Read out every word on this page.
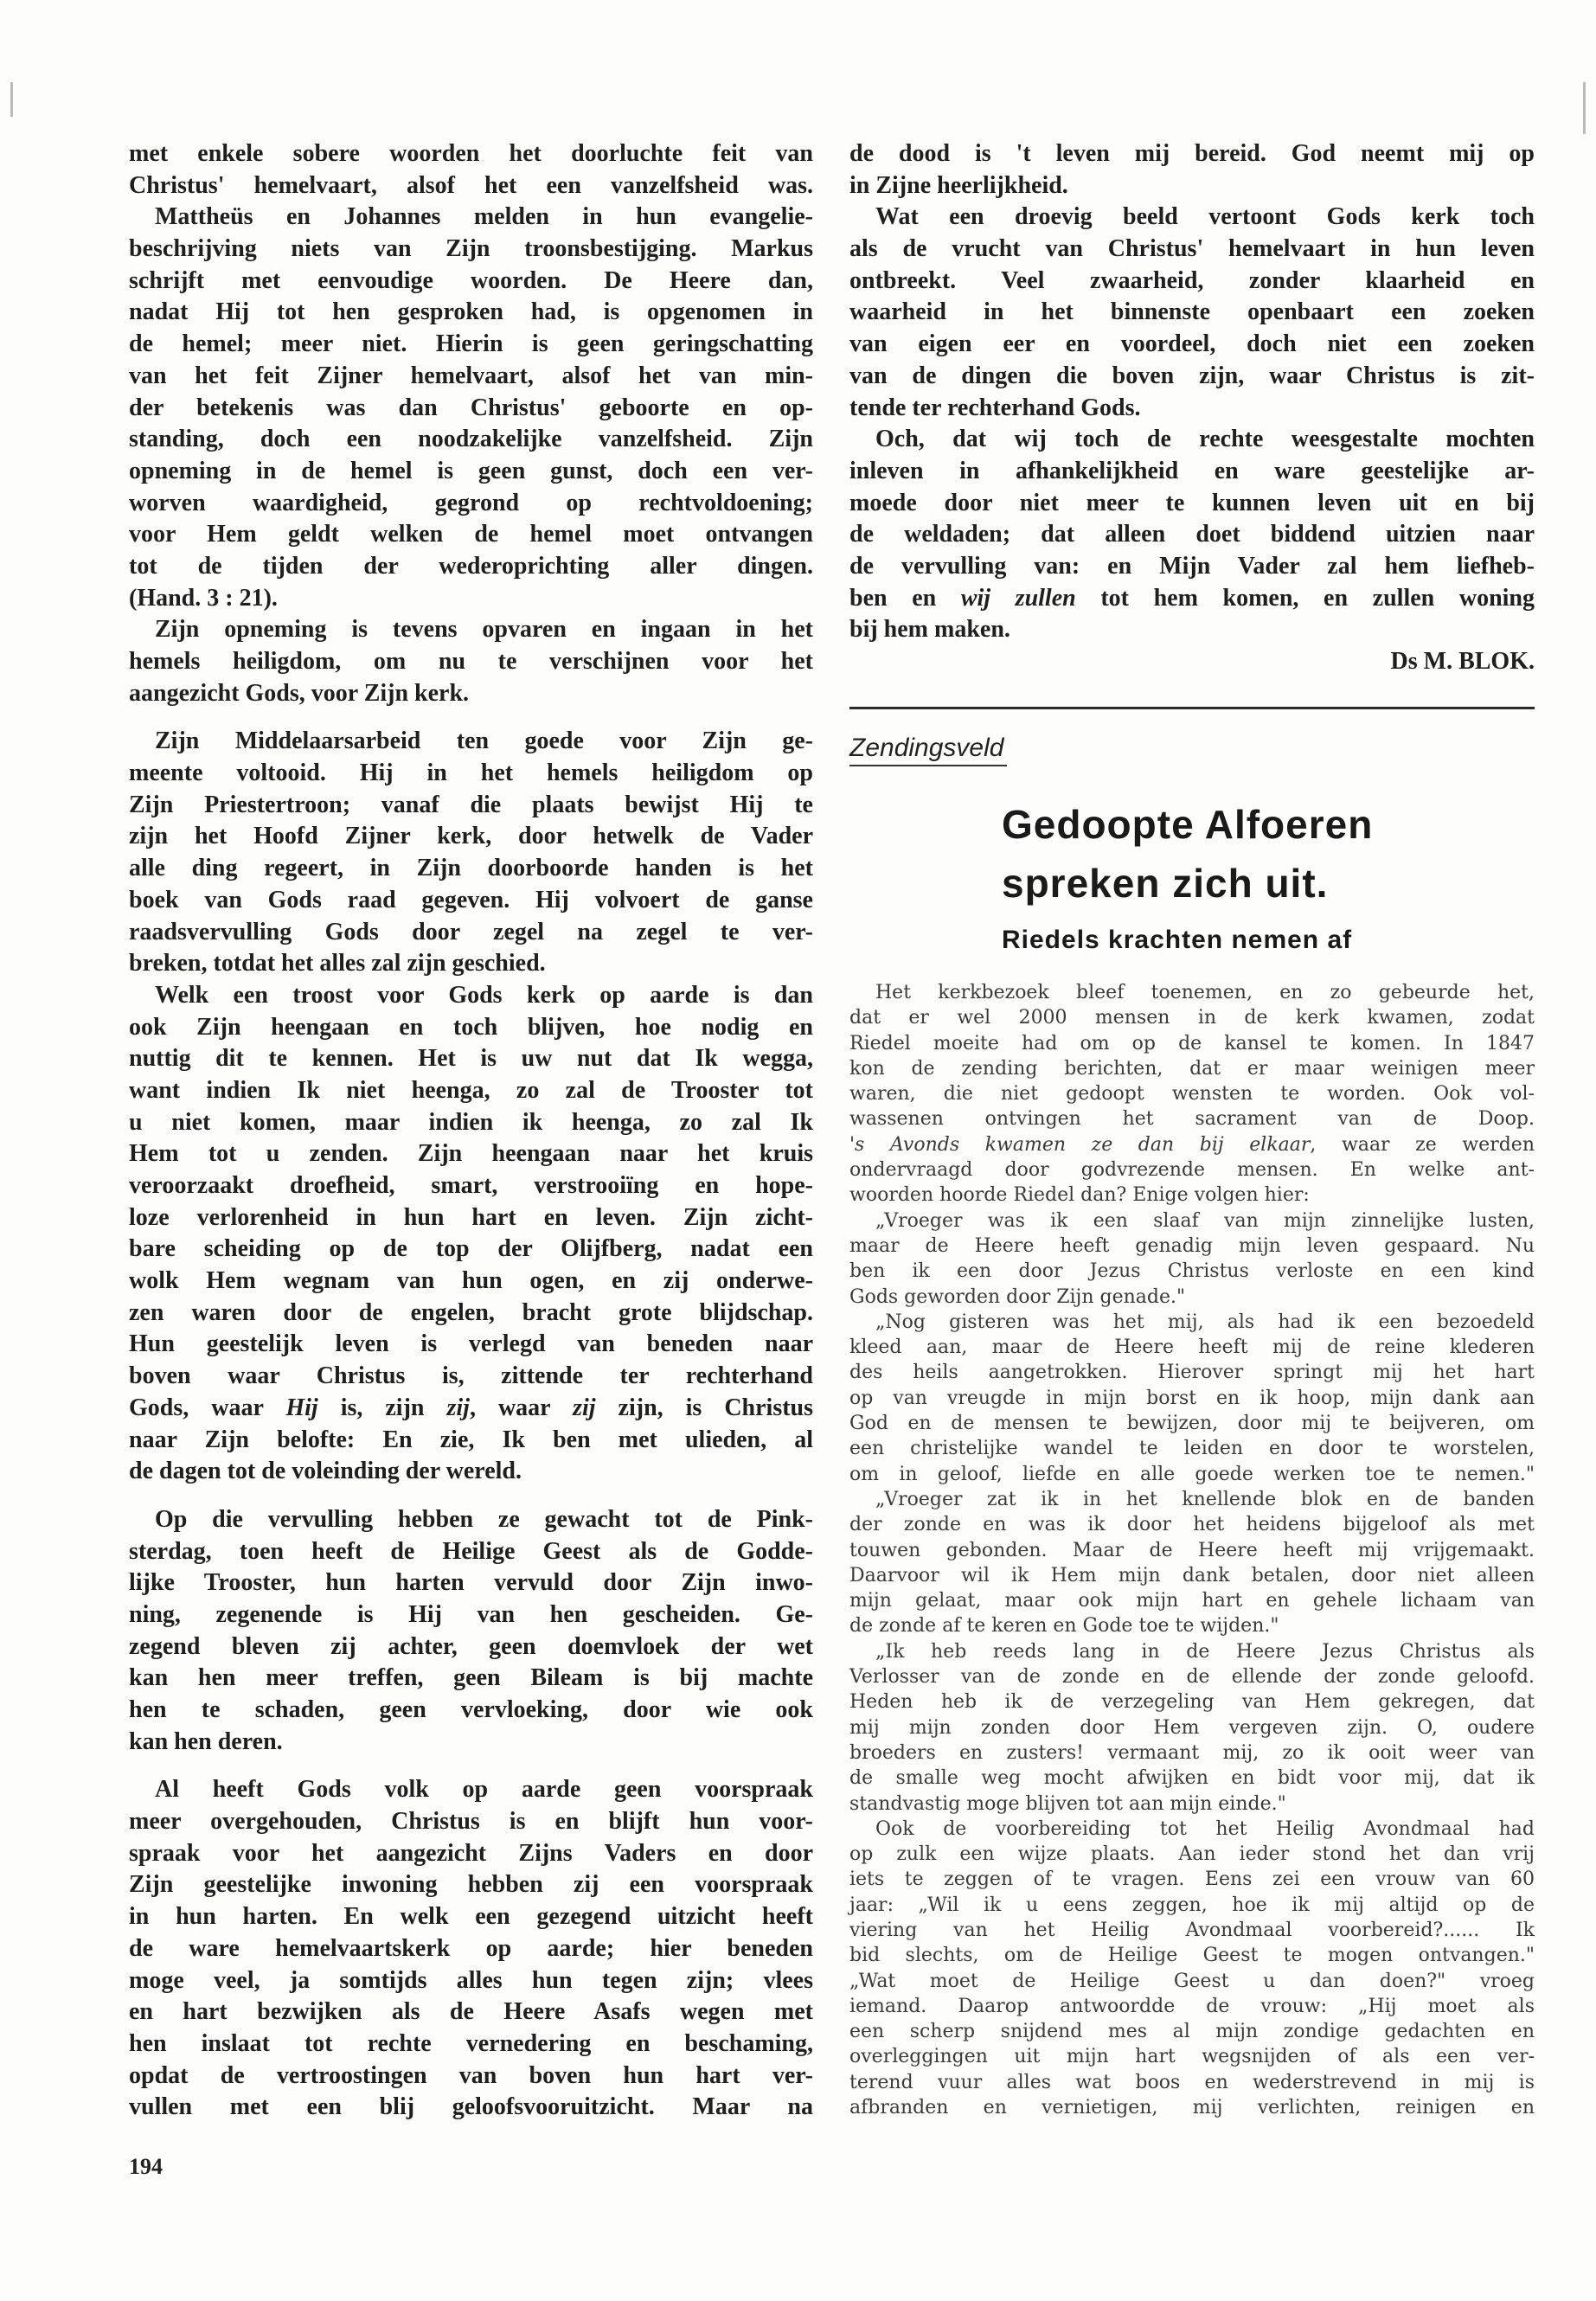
met enkele sobere woorden het doorluchte feit van
Christus' hemelvaart, alsof het een vanzelfsheid was.
Mattheüs en Johannes melden in hun evangelie-
beschrijving niets van Zijn troonsbestijging. Markus
schrijft met eenvoudige woorden. De Heere dan,
nadat Hij tot hen gesproken had, is opgenomen in
de hemel; meer niet. Hierin is geen geringschatting
van het feit Zijner hemelvaart, alsof het van min-
der betekenis was dan Christus' geboorte en op-
standing, doch een noodzakelijke vanzelfsheid. Zijn
opneming in de hemel is geen gunst, doch een ver-
worven waardigheid, gegrond op rechtvoldoening;
voor Hem geldt welken de hemel moet ontvangen
tot de tijden der wederoprichting aller dingen.
(Hand. 3 : 21).
Zijn opneming is tevens opvaren en ingaan in het
hemels heiligdom, om nu te verschijnen voor het
aangezicht Gods, voor Zijn kerk.
Zijn Middelaarsarbeid ten goede voor Zijn ge-
meente voltooid. Hij in het hemels heiligdom op
Zijn Priestertroon; vanaf die plaats bewijst Hij te
zijn het Hoofd Zijner kerk, door hetwelk de Vader
alle ding regeert, in Zijn doorboorde handen is het
boek van Gods raad gegeven. Hij volvoert de ganse
raadsvervulling Gods door zegel na zegel te ver-
breken, totdat het alles zal zijn geschied.
Welk een troost voor Gods kerk op aarde is dan
ook Zijn heengaan en toch blijven, hoe nodig en
nuttig dit te kennen. Het is uw nut dat Ik wegga,
want indien Ik niet heenga, zo zal de Trooster tot
u niet komen, maar indien ik heenga, zo zal Ik
Hem tot u zenden. Zijn heengaan naar het kruis
veroorzaakt droefheid, smart, verstrooiïng en hope-
loze verlorenheid in hun hart en leven. Zijn zicht-
bare scheiding op de top der Olijfberg, nadat een
wolk Hem wegnam van hun ogen, en zij onderwe-
zen waren door de engelen, bracht grote blijdschap.
Hun geestelijk leven is verlegd van beneden naar
boven waar Christus is, zittende ter rechterhand
Gods, waar Hij is, zijn zij, waar zij zijn, is Christus
naar Zijn belofte: En zie, Ik ben met ulieden, al
de dagen tot de voleinding der wereld.
Op die vervulling hebben ze gewacht tot de Pink-
sterdag, toen heeft de Heilige Geest als de Godde-
lijke Trooster, hun harten vervuld door Zijn inwo-
ning, zegenende is Hij van hen gescheiden. Ge-
zegend bleven zij achter, geen doemvloek der wet
kan hen meer treffen, geen Bileam is bij machte
hen te schaden, geen vervloeking, door wie ook
kan hen deren.
Al heeft Gods volk op aarde geen voorspraak
meer overgehouden, Christus is en blijft hun voor-
spraak voor het aangezicht Zijns Vaders en door
Zijn geestelijke inwoning hebben zij een voorspraak
in hun harten. En welk een gezegend uitzicht heeft
de ware hemelvaartskerk op aarde; hier beneden
moge veel, ja somtijds alles hun tegen zijn; vlees
en hart bezwijken als de Heere Asafs wegen met
hen inslaat tot rechte vernedering en beschaming,
opdat de vertroostingen van boven hun hart ver-
vullen met een blij geloofsvooruitzicht. Maar na
de dood is 't leven mij bereid. God neemt mij op
in Zijne heerlijkheid.
Wat een droevig beeld vertoont Gods kerk toch
als de vrucht van Christus' hemelvaart in hun leven
ontbreekt. Veel zwaarheid, zonder klaarheid en
waarheid in het binnenste openbaart een zoeken
van eigen eer en voordeel, doch niet een zoeken
van de dingen die boven zijn, waar Christus is zit-
tende ter rechterhand Gods.
Och, dat wij toch de rechte weesgestalte mochten
inleven in afhankelijkheid en ware geestelijke ar-
moede door niet meer te kunnen leven uit en bij
de weldaden; dat alleen doet biddend uitzien naar
de vervulling van: en Mijn Vader zal hem liefheb-
ben en wij zullen tot hem komen, en zullen woning
bij hem maken.
Ds M. BLOK.
Zendingsveld
Gedoopte Alfoeren
spreken zich uit.
Riedels krachten nemen af
Het kerkbezoek bleef toenemen, en zo gebeurde het,
dat er wel 2000 mensen in de kerk kwamen, zodat
Riedel moeite had om op de kansel te komen. In 1847
kon de zending berichten, dat er maar weinigen meer
waren, die niet gedoopt wensten te worden. Ook vol-
wassenen ontvingen het sacrament van de Doop.
's Avonds kwamen ze dan bij elkaar, waar ze werden
ondervraagd door godvrezende mensen. En welke ant-
woorden hoorde Riedel dan? Enige volgen hier:
„Vroeger was ik een slaaf van mijn zinnelijke lusten,
maar de Heere heeft genadig mijn leven gespaard. Nu
ben ik een door Jezus Christus verloste en een kind
Gods geworden door Zijn genade."
„Nog gisteren was het mij, als had ik een bezoedeld
kleed aan, maar de Heere heeft mij de reine klederen
des heils aangetrokken. Hierover springt mij het hart
op van vreugde in mijn borst en ik hoop, mijn dank aan
God en de mensen te bewijzen, door mij te beijveren, om
een christelijke wandel te leiden en door te worstelen,
om in geloof, liefde en alle goede werken toe te nemen."
„Vroeger zat ik in het knellende blok en de banden
der zonde en was ik door het heidens bijgeloof als met
touwen gebonden. Maar de Heere heeft mij vrijgemaakt.
Daarvoor wil ik Hem mijn dank betalen, door niet alleen
mijn gelaat, maar ook mijn hart en gehele lichaam van
de zonde af te keren en Gode toe te wijden."
„Ik heb reeds lang in de Heere Jezus Christus als
Verlosser van de zonde en de ellende der zonde geloofd.
Heden heb ik de verzegeling van Hem gekregen, dat
mij mijn zonden door Hem vergeven zijn. O, oudere
broeders en zusters! vermaant mij, zo ik ooit weer van
de smalle weg mocht afwijken en bidt voor mij, dat ik
standvastig moge blijven tot aan mijn einde."
Ook de voorbereiding tot het Heilig Avondmaal had
op zulk een wijze plaats. Aan ieder stond het dan vrij
iets te zeggen of te vragen. Eens zei een vrouw van 60
jaar: „Wil ik u eens zeggen, hoe ik mij altijd op de
viering van het Heilig Avondmaal voorbereid?...... Ik
bid slechts, om de Heilige Geest te mogen ontvangen."
„Wat moet de Heilige Geest u dan doen?" vroeg
iemand. Daarop antwoordde de vrouw: „Hij moet als
een scherp snijdend mes al mijn zondige gedachten en
overleggingen uit mijn hart wegsnijden of als een ver-
terend vuur alles wat boos en wederstrevend in mij is
afbranden en vernietigen, mij verlichten, reinigen en
194
